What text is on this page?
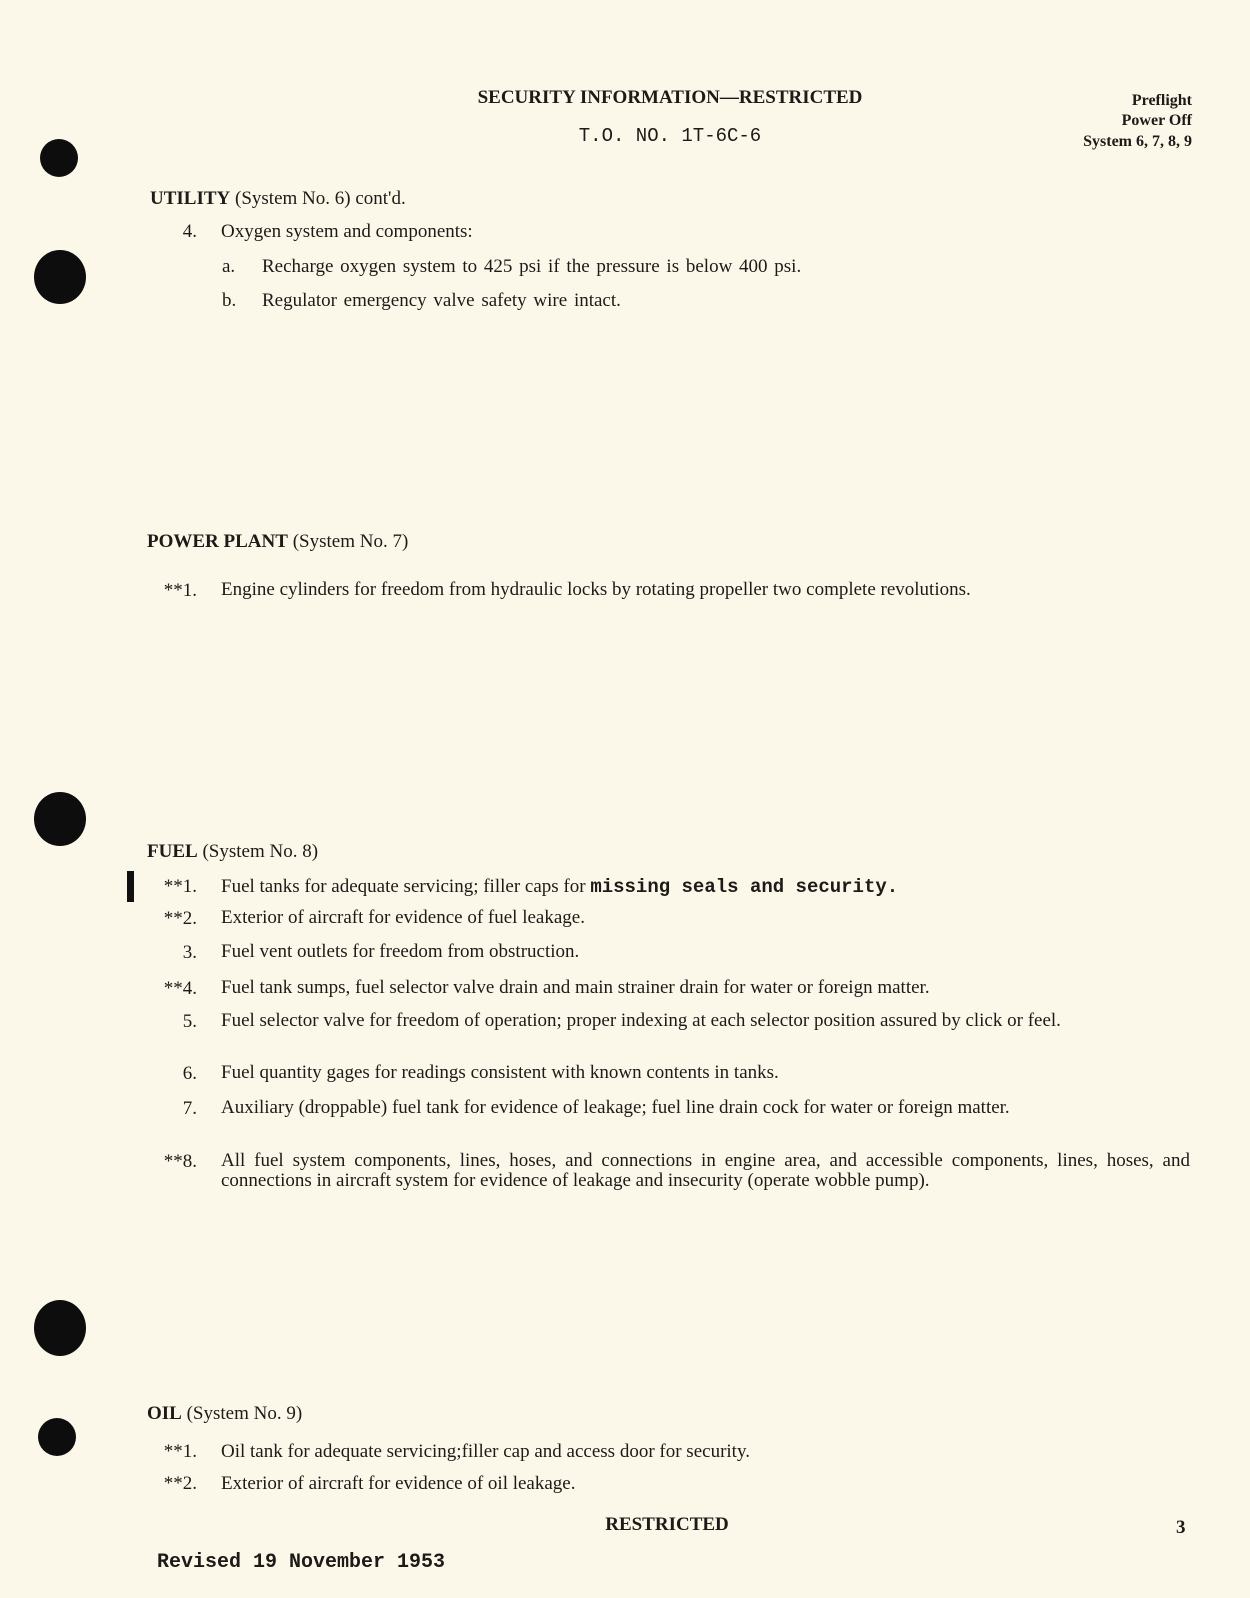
SECURITY INFORMATION—RESTRICTED
T.O. NO. 1T-6C-6
Preflight
Power Off
System 6, 7, 8, 9
UTILITY (System No. 6) cont'd.
4. Oxygen system and components:
a. Recharge oxygen system to 425 psi if the pressure is below 400 psi.
b. Regulator emergency valve safety wire intact.
POWER PLANT (System No. 7)
**1. Engine cylinders for freedom from hydraulic locks by rotating propeller two complete revolutions.
FUEL (System No. 8)
**1. Fuel tanks for adequate servicing; filler caps for missing seals and security.
**2. Exterior of aircraft for evidence of fuel leakage.
3. Fuel vent outlets for freedom from obstruction.
**4. Fuel tank sumps, fuel selector valve drain and main strainer drain for water or foreign matter.
5. Fuel selector valve for freedom of operation; proper indexing at each selector position assured by click or feel.
6. Fuel quantity gages for readings consistent with known contents in tanks.
7. Auxiliary (droppable) fuel tank for evidence of leakage; fuel line drain cock for water or foreign matter.
**8. All fuel system components, lines, hoses, and connections in engine area, and accessible components, lines, hoses, and connections in aircraft system for evidence of leakage and insecurity (operate wobble pump).
OIL (System No. 9)
**1. Oil tank for adequate servicing;filler cap and access door for security.
**2. Exterior of aircraft for evidence of oil leakage.
RESTRICTED	3
Revised 19 November 1953
